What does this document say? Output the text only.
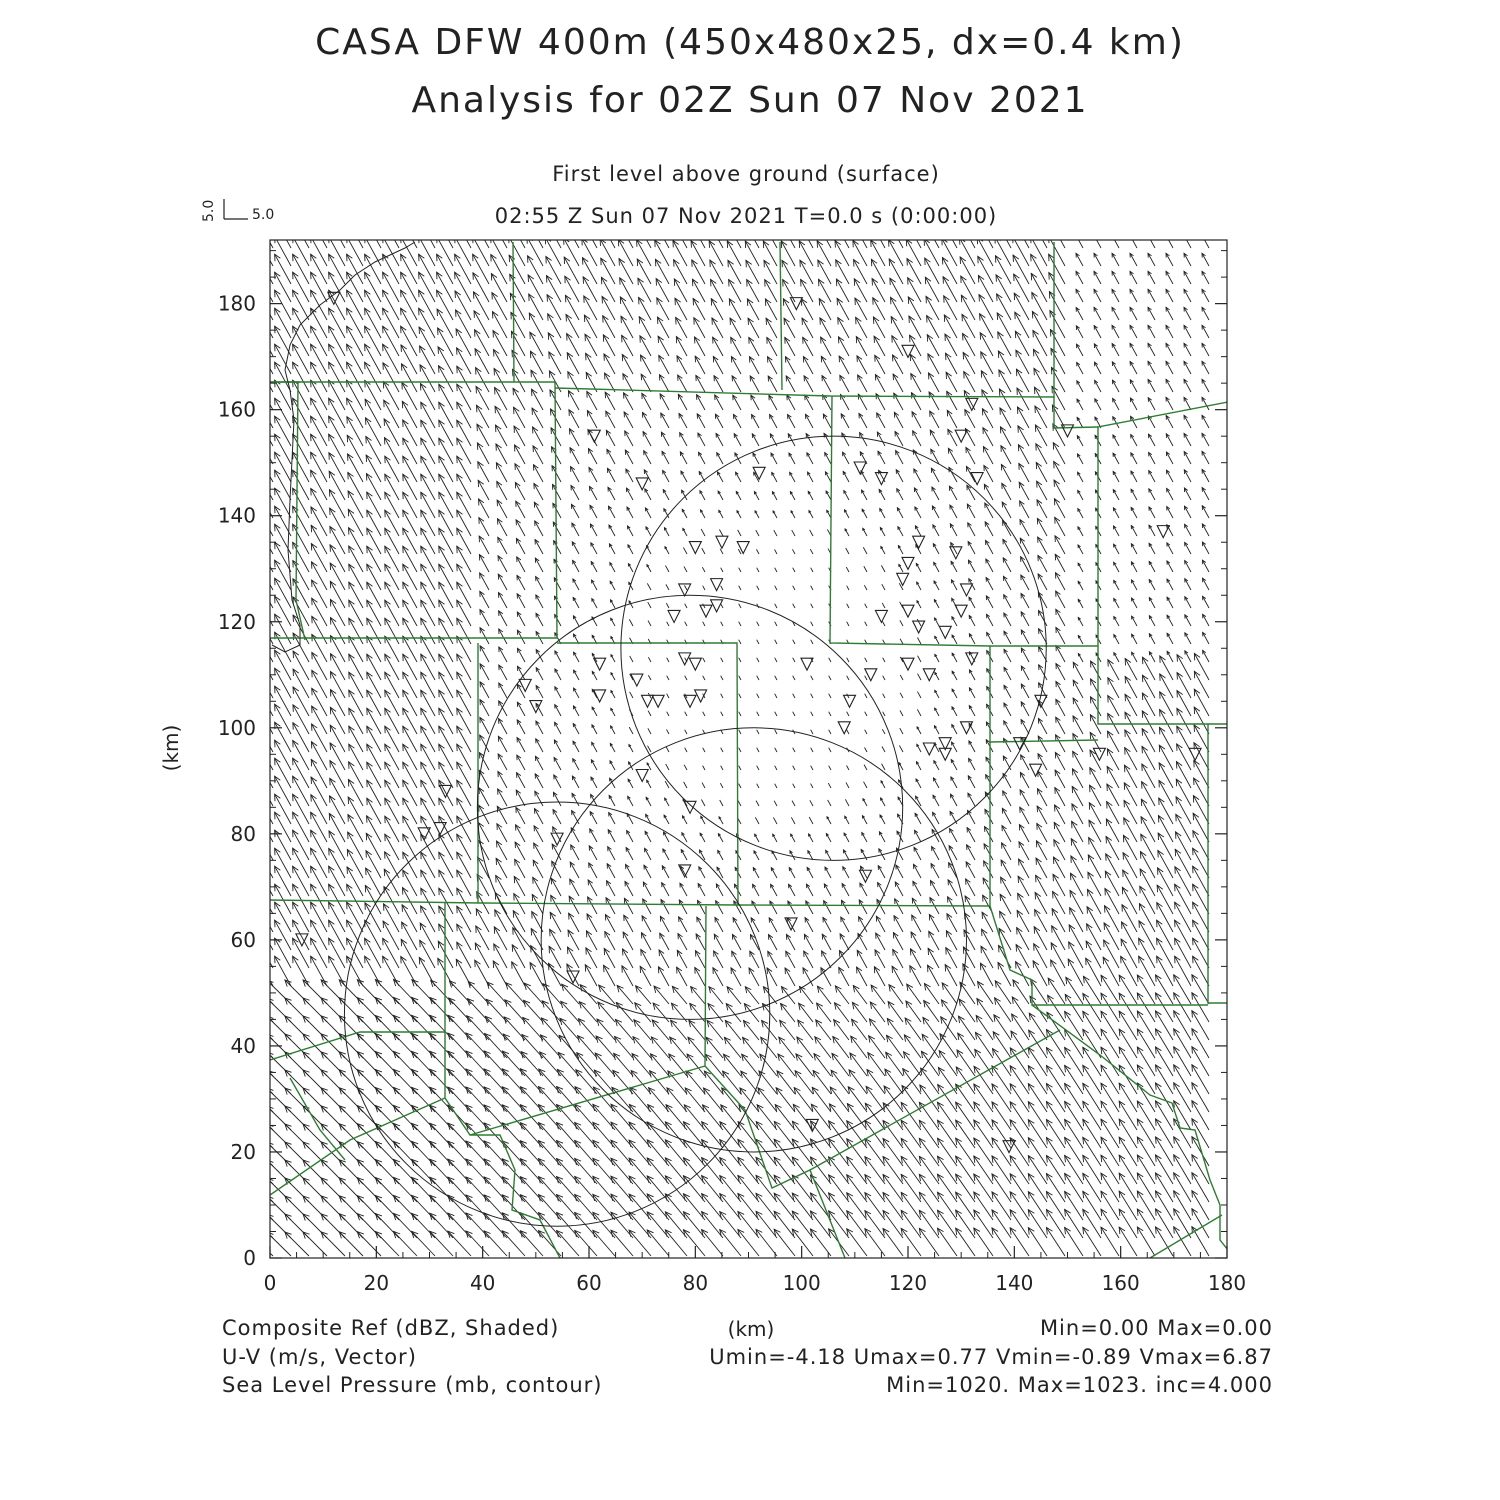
CASA DFW 400m (450x480x25, dx=0.4 km)
Analysis for 02Z Sun 07 Nov 2021
First level above ground (surface)
02:55 Z Sun 07 Nov 2021 T=0.0 s (0:00:00)
5.0
5.0
0	20	40	60	80	100	120	140	160	180
0
20
40
60
80
100
120
140
160
180
(km)
(km)
Composite Ref (dBZ, Shaded)	Min=0.00 Max=0.00
U-V (m/s, Vector)	Umin=-4.18 Umax=0.77 Vmin=-0.89 Vmax=6.87
Sea Level Pressure (mb, contour)	Min=1020. Max=1023. inc=4.000
